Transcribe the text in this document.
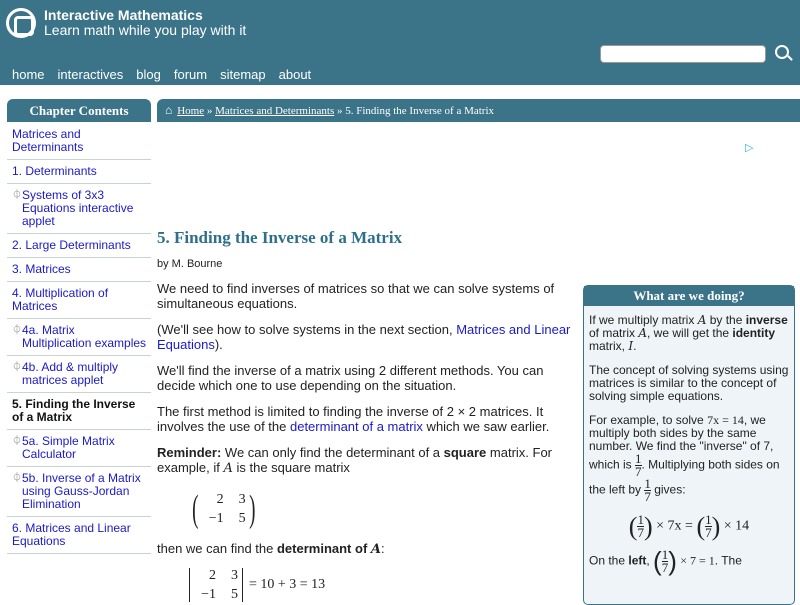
Interactive Mathematics
Learn math while you play with it
home interactives blog forum sitemap about
Chapter Contents
Matrices and Determinants
1. Determinants
⏀ Systems of 3x3 Equations interactive applet
2. Large Determinants
3. Matrices
4. Multiplication of Matrices
⏀ 4a. Matrix Multiplication examples
⏀ 4b. Add & multiply matrices applet
5. Finding the Inverse of a Matrix
⏀ 5a. Simple Matrix Calculator
⏀ 5b. Inverse of a Matrix using Gauss-Jordan Elimination
6. Matrices and Linear Equations
⌂ Home » Matrices and Determinants » 5. Finding the Inverse of a Matrix
▷
5. Finding the Inverse of a Matrix
by M. Bourne

We need to find inverses of matrices so that we can solve systems of simultaneous equations.

(We'll see how to solve systems in the next section, Matrices and Linear Equations).

We'll find the inverse of a matrix using 2 different methods. You can decide which one to use depending on the situation.

The first method is limited to finding the inverse of 2 × 2 matrices. It involves the use of the determinant of a matrix which we saw earlier.

Reminder: We can only find the determinant of a square matrix. For example, if A is the square matrix

(	2	3
−1	5 )

then we can find the determinant of A:

2	3
−1	5
= 10 + 3 = 13
What are we doing?

If we multiply matrix A by the inverse of matrix A, we will get the identity matrix, I.

The concept of solving systems using matrices is similar to the concept of solving simple equations.

For example, to solve 7x = 14, we multiply both sides by the same number. We find the "inverse" of 7, which is $\frac{1}{7}$ . Multiplying both sides on the left by $\frac{1}{7}$ gives:

( $\frac{1}{7}$ ) × 7x = ( $\frac{1}{7}$ ) × 14

On the left, ( $\frac{1}{7}$ ) × 7 = 1. The
